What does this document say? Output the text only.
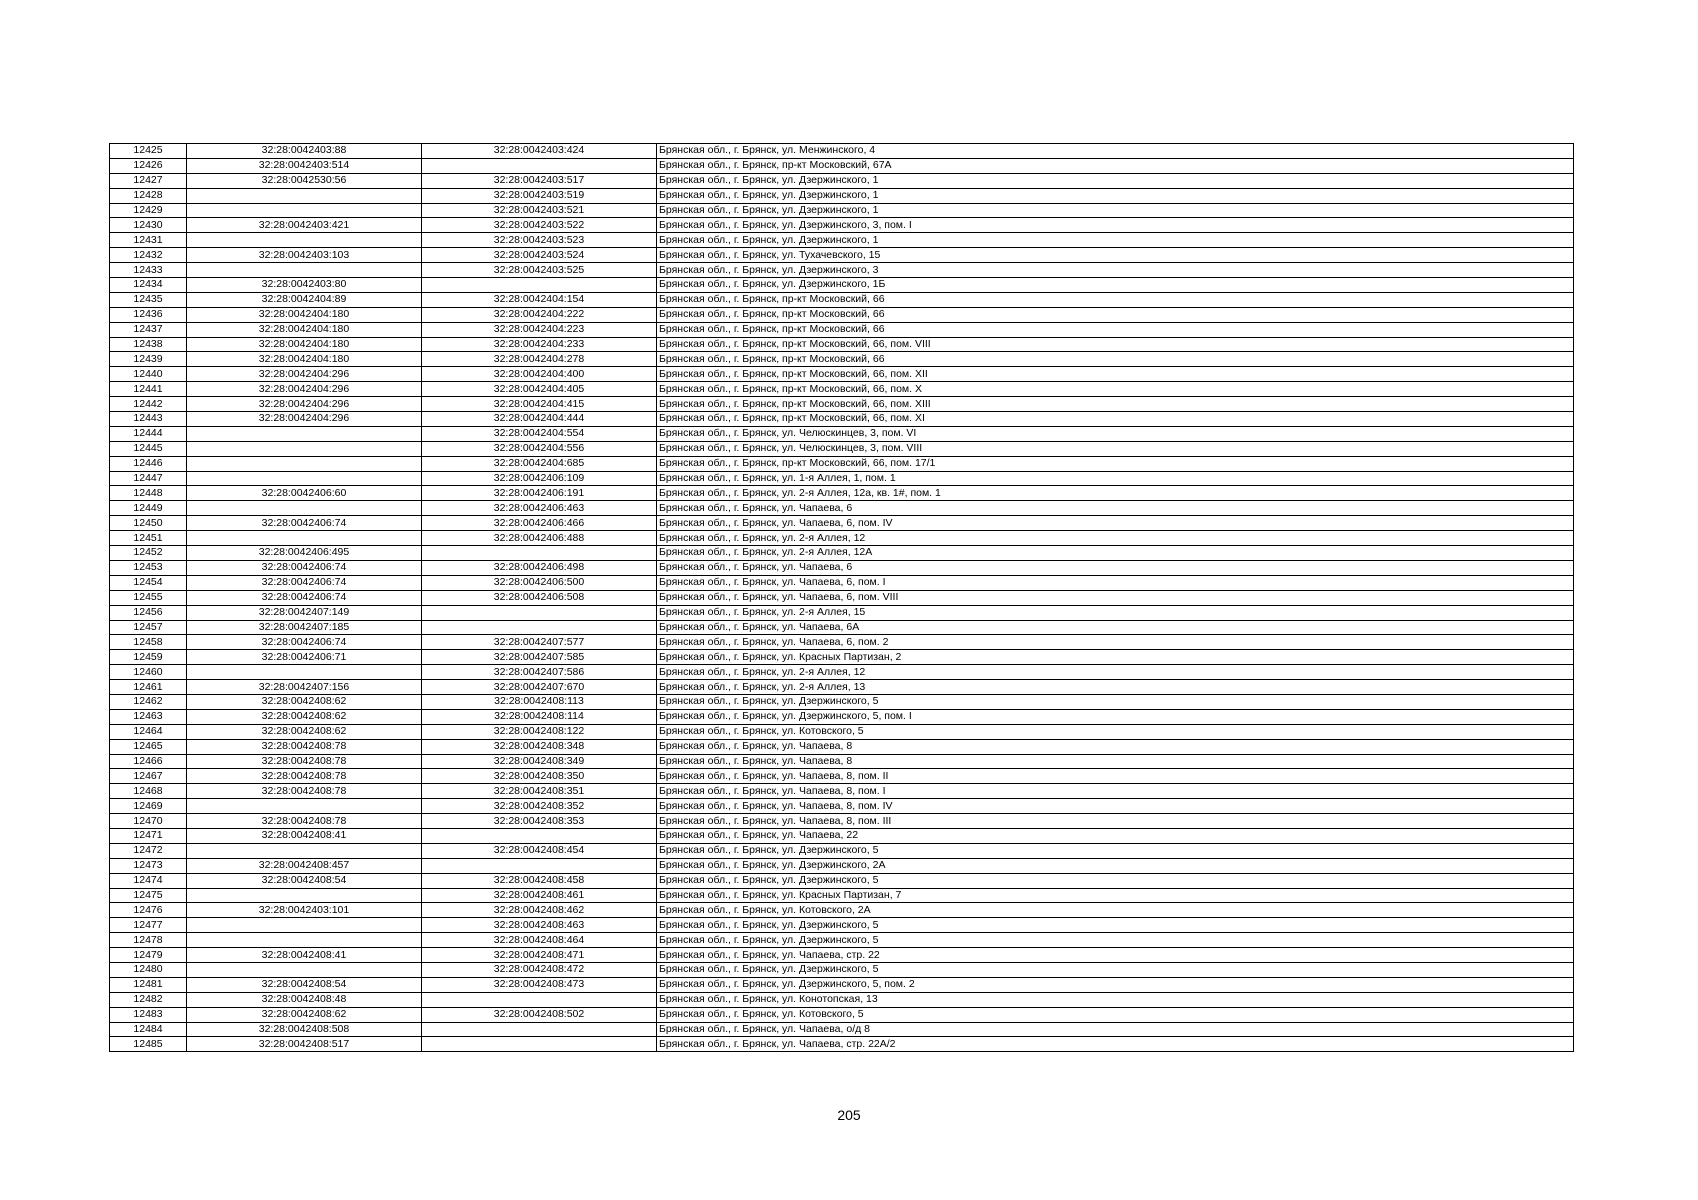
12425	32:28:0042403:88	32:28:0042403:424	Брянская обл., г. Брянск, ул. Менжинского, 4
12426	32:28:0042403:514		Брянская обл., г. Брянск, пр-кт Московский, 67А
12427	32:28:0042530:56	32:28:0042403:517	Брянская обл., г. Брянск, ул. Дзержинского, 1
12428		32:28:0042403:519	Брянская обл., г. Брянск, ул. Дзержинского, 1
12429		32:28:0042403:521	Брянская обл., г. Брянск, ул. Дзержинского, 1
12430	32:28:0042403:421	32:28:0042403:522	Брянская обл., г. Брянск, ул. Дзержинского, 3, пом. I
12431		32:28:0042403:523	Брянская обл., г. Брянск, ул. Дзержинского, 1
12432	32:28:0042403:103	32:28:0042403:524	Брянская обл., г. Брянск, ул. Тухачевского, 15
12433		32:28:0042403:525	Брянская обл., г. Брянск, ул. Дзержинского, 3
12434	32:28:0042403:80		Брянская обл., г. Брянск, ул. Дзержинского, 1Б
12435	32:28:0042404:89	32:28:0042404:154	Брянская обл., г. Брянск, пр-кт Московский, 66
12436	32:28:0042404:180	32:28:0042404:222	Брянская обл., г. Брянск, пр-кт Московский, 66
12437	32:28:0042404:180	32:28:0042404:223	Брянская обл., г. Брянск, пр-кт Московский, 66
12438	32:28:0042404:180	32:28:0042404:233	Брянская обл., г. Брянск, пр-кт Московский, 66, пом. VIII
12439	32:28:0042404:180	32:28:0042404:278	Брянская обл., г. Брянск, пр-кт Московский, 66
12440	32:28:0042404:296	32:28:0042404:400	Брянская обл., г. Брянск, пр-кт Московский, 66, пом. XII
12441	32:28:0042404:296	32:28:0042404:405	Брянская обл., г. Брянск, пр-кт Московский, 66, пом. X
12442	32:28:0042404:296	32:28:0042404:415	Брянская обл., г. Брянск, пр-кт Московский, 66, пом. XIII
12443	32:28:0042404:296	32:28:0042404:444	Брянская обл., г. Брянск, пр-кт Московский, 66, пом. XI
12444		32:28:0042404:554	Брянская обл., г. Брянск, ул. Челюскинцев, 3, пом. VI
12445		32:28:0042404:556	Брянская обл., г. Брянск, ул. Челюскинцев, 3, пом. VIII
12446		32:28:0042404:685	Брянская обл., г. Брянск, пр-кт Московский, 66, пом. 17/1
12447		32:28:0042406:109	Брянская обл., г. Брянск, ул. 1-я Аллея, 1, пом. 1
12448	32:28:0042406:60	32:28:0042406:191	Брянская обл., г. Брянск, ул. 2-я Аллея, 12а, кв. 1#, пом. 1
12449		32:28:0042406:463	Брянская обл., г. Брянск, ул. Чапаева, 6
12450	32:28:0042406:74	32:28:0042406:466	Брянская обл., г. Брянск, ул. Чапаева, 6, пом. IV
12451		32:28:0042406:488	Брянская обл., г. Брянск, ул. 2-я Аллея, 12
12452	32:28:0042406:495		Брянская обл., г. Брянск, ул. 2-я Аллея, 12А
12453	32:28:0042406:74	32:28:0042406:498	Брянская обл., г. Брянск, ул. Чапаева, 6
12454	32:28:0042406:74	32:28:0042406:500	Брянская обл., г. Брянск, ул. Чапаева, 6, пом. I
12455	32:28:0042406:74	32:28:0042406:508	Брянская обл., г. Брянск, ул. Чапаева, 6, пом. VIII
12456	32:28:0042407:149		Брянская обл., г. Брянск, ул. 2-я Аллея, 15
12457	32:28:0042407:185		Брянская обл., г. Брянск, ул. Чапаева, 6А
12458	32:28:0042406:74	32:28:0042407:577	Брянская обл., г. Брянск, ул. Чапаева, 6, пом. 2
12459	32:28:0042406:71	32:28:0042407:585	Брянская обл., г. Брянск, ул. Красных Партизан, 2
12460		32:28:0042407:586	Брянская обл., г. Брянск, ул. 2-я Аллея, 12
12461	32:28:0042407:156	32:28:0042407:670	Брянская обл., г. Брянск, ул. 2-я Аллея, 13
12462	32:28:0042408:62	32:28:0042408:113	Брянская обл., г. Брянск, ул. Дзержинского, 5
12463	32:28:0042408:62	32:28:0042408:114	Брянская обл., г. Брянск, ул. Дзержинского, 5, пом. I
12464	32:28:0042408:62	32:28:0042408:122	Брянская обл., г. Брянск, ул. Котовского, 5
12465	32:28:0042408:78	32:28:0042408:348	Брянская обл., г. Брянск, ул. Чапаева, 8
12466	32:28:0042408:78	32:28:0042408:349	Брянская обл., г. Брянск, ул. Чапаева, 8
12467	32:28:0042408:78	32:28:0042408:350	Брянская обл., г. Брянск, ул. Чапаева, 8, пом. II
12468	32:28:0042408:78	32:28:0042408:351	Брянская обл., г. Брянск, ул. Чапаева, 8, пом. I
12469		32:28:0042408:352	Брянская обл., г. Брянск, ул. Чапаева, 8, пом. IV
12470	32:28:0042408:78	32:28:0042408:353	Брянская обл., г. Брянск, ул. Чапаева, 8, пом. III
12471	32:28:0042408:41		Брянская обл., г. Брянск, ул. Чапаева, 22
12472		32:28:0042408:454	Брянская обл., г. Брянск, ул. Дзержинского, 5
12473	32:28:0042408:457		Брянская обл., г. Брянск, ул. Дзержинского, 2А
12474	32:28:0042408:54	32:28:0042408:458	Брянская обл., г. Брянск, ул. Дзержинского, 5
12475		32:28:0042408:461	Брянская обл., г. Брянск, ул. Красных Партизан, 7
12476	32:28:0042403:101	32:28:0042408:462	Брянская обл., г. Брянск, ул. Котовского, 2А
12477		32:28:0042408:463	Брянская обл., г. Брянск, ул. Дзержинского, 5
12478		32:28:0042408:464	Брянская обл., г. Брянск, ул. Дзержинского, 5
12479	32:28:0042408:41	32:28:0042408:471	Брянская обл., г. Брянск, ул. Чапаева, стр. 22
12480		32:28:0042408:472	Брянская обл., г. Брянск, ул. Дзержинского, 5
12481	32:28:0042408:54	32:28:0042408:473	Брянская обл., г. Брянск, ул. Дзержинского, 5, пом. 2
12482	32:28:0042408:48		Брянская обл., г. Брянск, ул. Конотопская, 13
12483	32:28:0042408:62	32:28:0042408:502	Брянская обл., г. Брянск, ул. Котовского, 5
12484	32:28:0042408:508		Брянская обл., г. Брянск, ул. Чапаева, о/д 8
12485	32:28:0042408:517		Брянская обл., г. Брянск, ул. Чапаева, стр. 22А/2
205
